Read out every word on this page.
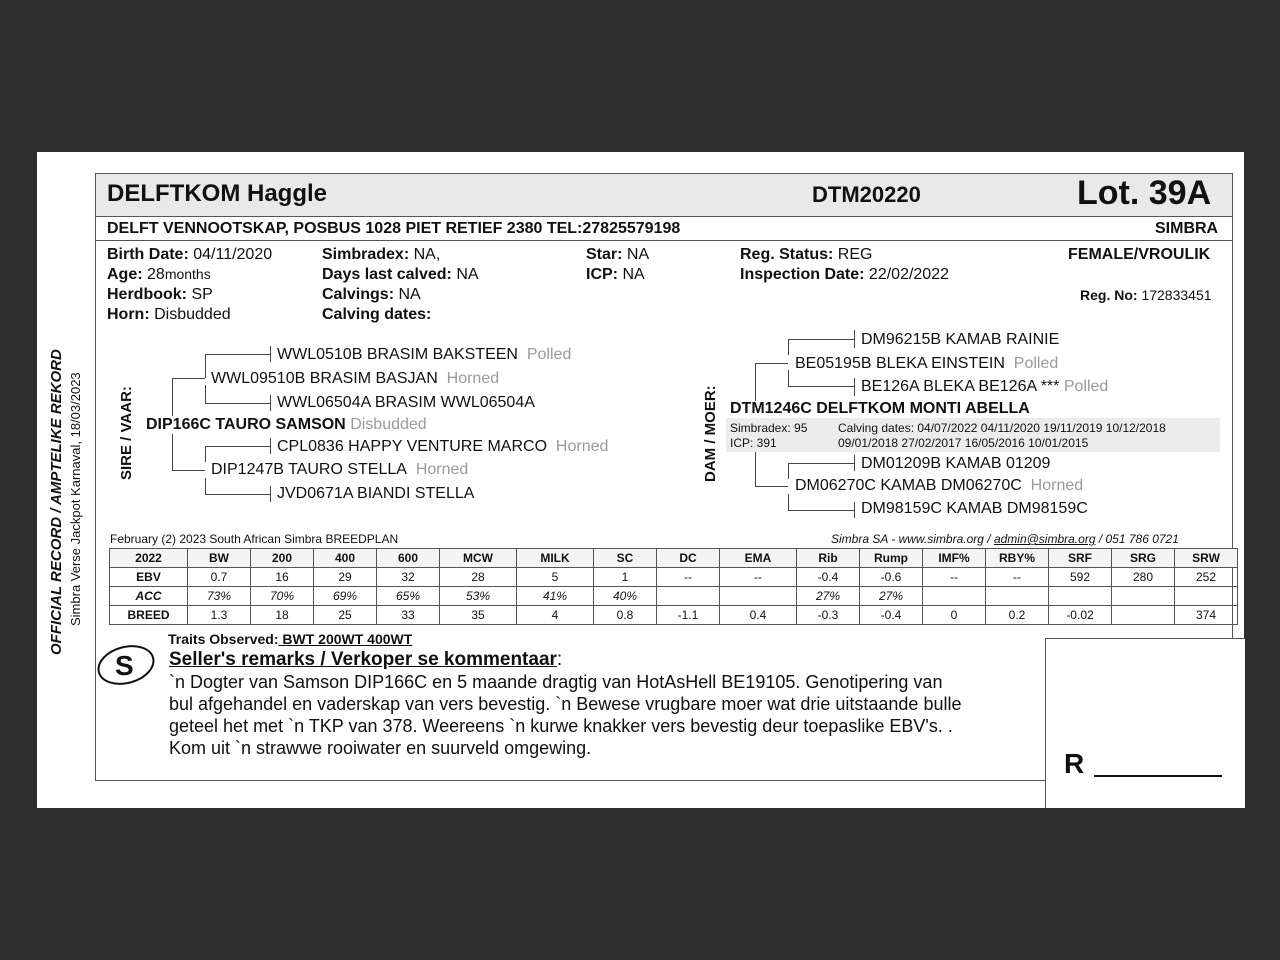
DELFTKOM Haggle	DTM20220	Lot. 39A
DELFT VENNOOTSKAP, POSBUS 1028 PIET RETIEF 2380 TEL:27825579198	SIMBRA
Birth Date: 04/11/2020
Age: 28months
Herdbook: SP
Horn: Disbudded
Simbradex: NA,
Days last calved: NA
Calvings: NA
Calving dates:
Star: NA
ICP: NA
Reg. Status: REG
Inspection Date: 22/02/2022
FEMALE/VROULIK
Reg. No: 172833451
OFFICIAL RECORD / AMPTELIKE REKORD Simbra Verse Jackpot Karnaval, 18/03/2023 SIRE / VAAR:	DAM / MOER:
WWL0510B BRASIM BAKSTEEN Polled
WWL09510B BRASIM BASJAN Horned
WWL06504A BRASIM WWL06504A
DIP166C TAURO SAMSON Disbudded
CPL0836 HAPPY VENTURE MARCO Horned
DIP1247B TAURO STELLA Horned
JVD0671A BIANDI STELLA
DM96215B KAMAB RAINIE
BE05195B BLEKA EINSTEIN Polled
BE126A BLEKA BE126A *** Polled
DTM1246C DELFTKOM MONTI ABELLA
Simbradex: 95
ICP: 391
Calving dates: 04/07/2022 04/11/2020 19/11/2019 10/12/2018
09/01/2018 27/02/2017 16/05/2016 10/01/2015
DM01209B KAMAB 01209
DM06270C KAMAB DM06270C Horned
DM98159C KAMAB DM98159C
February (2) 2023 South African Simbra BREEDPLAN	Simbra SA - www.simbra.org / admin@simbra.org / 051 786 0721
2022	BW	200	400	600	MCW	MILK	SC	DC	EMA	Rib	Rump	IMF%	RBY%	SRF	SRG	SRW
EBV	0.7	16	29	32	28	5	1	--	--	-0.4	-0.6	--	--	592	280	252
ACC	73%	70%	69%	65%	53%	41%	40%			27%	27%					
BREED	1.3	18	25	33	35	4	0.8	-1.1	0.4	-0.3	-0.4	0	0.2	-0.02		374
Traits Observed: BWT 200WT 400WT
S Seller's remarks / Verkoper se kommentaar:
`n Dogter van Samson DIP166C en 5 maande dragtig van HotAsHell BE19105. Genotipering van
bul afgehandel en vaderskap van vers bevestig. `n Bewese vrugbare moer wat drie uitstaande bulle
geteel het met `n TKP van 378. Weereens `n kurwe knakker vers bevestig deur toepaslike EBV's. .
Kom uit `n strawwe rooiwater en suurveld omgewing.	R
